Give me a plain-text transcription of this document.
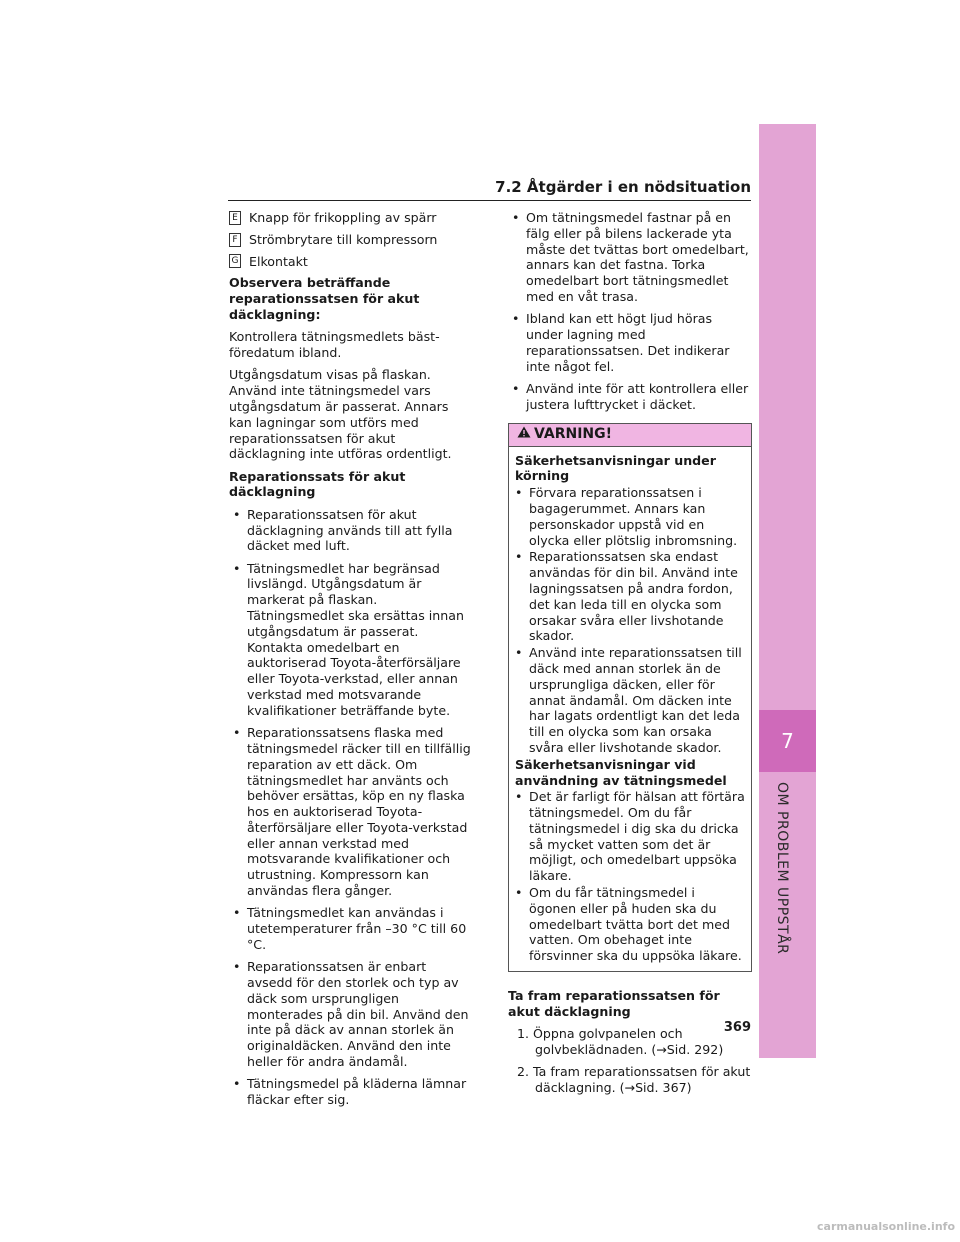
7
OM PROBLEM UPPSTÅR
7.2 Åtgärder i en nödsituation
E Knapp för frikoppling av spärr
F Strömbrytare till kompressorn
G Elkontakt
Observera beträffande reparationssatsen för akut däcklagning:

Kontrollera tätningsmedlets bäst-föredatum ibland.

Utgångsdatum visas på flaskan. Använd inte tätningsmedel vars utgångsdatum är passerat. Annars kan lagningar som utförs med reparationssatsen för akut däcklagning inte utföras ordentligt.

Reparationssats för akut däcklagning
• Reparationssatsen för akut däcklagning används till att fylla däcket med luft.
• Tätningsmedlet har begränsad livslängd. Utgångsdatum är markerat på flaskan. Tätningsmedlet ska ersättas innan utgångsdatum är passerat. Kontakta omedelbart en auktoriserad Toyota-återförsäljare eller Toyota-verkstad, eller annan verkstad med motsvarande kvalifikationer beträffande byte.
• Reparationssatsens flaska med tätningsmedel räcker till en tillfällig reparation av ett däck. Om tätningsmedlet har använts och behöver ersättas, köp en ny flaska hos en auktoriserad Toyota-återförsäljare eller Toyota-verkstad eller annan verkstad med motsvarande kvalifikationer och utrustning. Kompressorn kan användas flera gånger.
• Tätningsmedlet kan användas i utetemperaturer från –30 °C till 60 °C.
• Reparationssatsen är enbart avsedd för den storlek och typ av däck som ursprungligen monterades på din bil. Använd den inte på däck av annan storlek än originaldäcken. Använd den inte heller för andra ändamål.
• Tätningsmedel på kläderna lämnar fläckar efter sig.
• Om tätningsmedel fastnar på en fälg eller på bilens lackerade yta måste det tvättas bort omedelbart, annars kan det fastna. Torka omedelbart bort tätningsmedlet med en våt trasa.
• Ibland kan ett högt ljud höras under lagning med reparationssatsen. Det indikerar inte något fel.
• Använd inte för att kontrollera eller justera lufttrycket i däcket.
VARNING!
Säkerhetsanvisningar under körning
• Förvara reparationssatsen i bagagerummet. Annars kan personskador uppstå vid en olycka eller plötslig inbromsning.
• Reparationssatsen ska endast användas för din bil. Använd inte lagningssatsen på andra fordon, det kan leda till en olycka som orsakar svåra eller livshotande skador.
• Använd inte reparationssatsen till däck med annan storlek än de ursprungliga däcken, eller för annat ändamål. Om däcken inte har lagats ordentligt kan det leda till en olycka som kan orsaka svåra eller livshotande skador.
Säkerhetsanvisningar vid användning av tätningsmedel
• Det är farligt för hälsan att förtära tätningsmedel. Om du får tätningsmedel i dig ska du dricka så mycket vatten som det är möjligt, och omedelbart uppsöka läkare.
• Om du får tätningsmedel i ögonen eller på huden ska du omedelbart tvätta bort det med vatten. Om obehaget inte försvinner ska du uppsöka läkare.
Ta fram reparationssatsen för akut däcklagning
1. Öppna golvpanelen och golvbeklädnaden. (→Sid. 292)
2. Ta fram reparationssatsen för akut däcklagning. (→Sid. 367)
369
carmanualsonline.info
